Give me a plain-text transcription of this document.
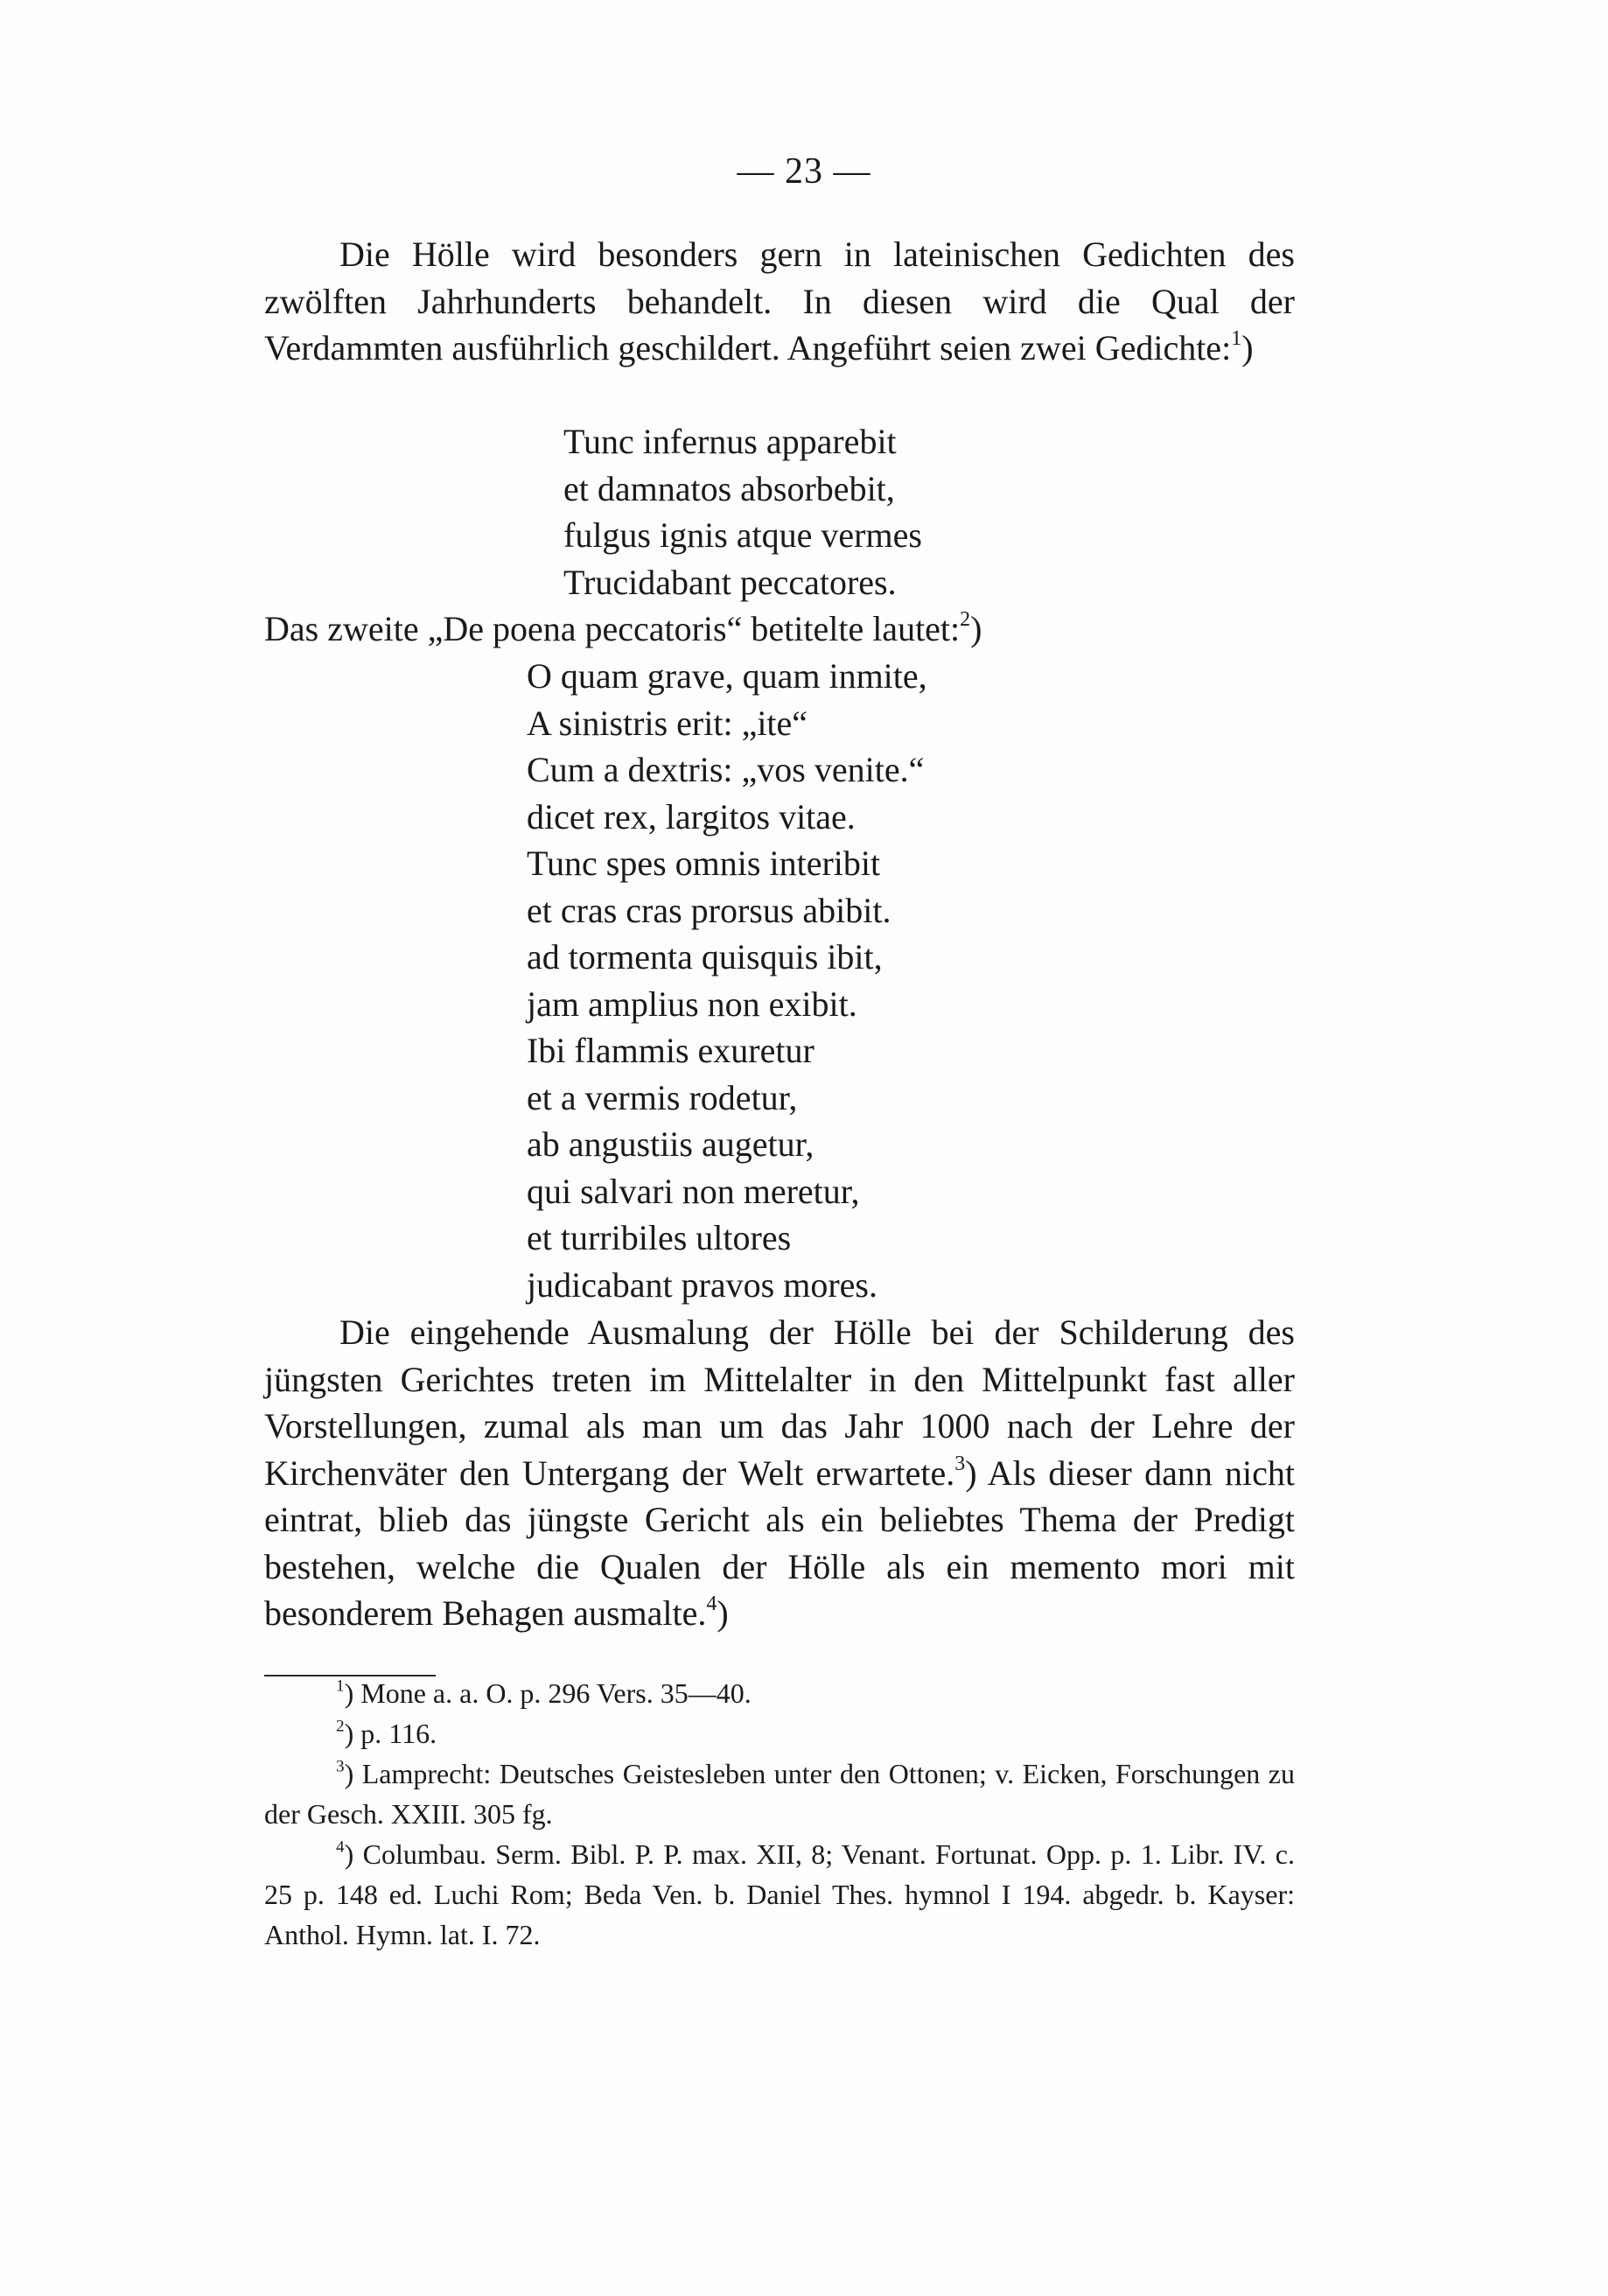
— 23 —

Die Hölle wird besonders gern in lateinischen Gedichten des zwölften Jahrhunderts behandelt. In diesen wird die Qual der Verdammten ausführlich geschildert. Angeführt seien zwei Gedichte:$^1$)

Tunc infernus apparebit
et damnatos absorbebit,
fulgus ignis atque vermes
Trucidabant peccatores.
Das zweite „De poena peccatoris“ betitelte lautet:$^2$)
O quam grave, quam inmite,
A sinistris erit: „ite“
Cum a dextris: „vos venite.“
dicet rex, largitos vitae.
Tunc spes omnis interibit
et cras cras prorsus abibit.
ad tormenta quisquis ibit,
jam amplius non exibit.
Ibi flammis exuretur
et a vermis rodetur,
ab angustiis augetur,
qui salvari non meretur,
et turribiles ultores
judicabant pravos mores.

Die eingehende Ausmalung der Hölle bei der Schilderung des jüngsten Gerichtes treten im Mittelalter in den Mittelpunkt fast aller Vorstellungen, zumal als man um das Jahr 1000 nach der Lehre der Kirchenväter den Untergang der Welt erwartete.$^3$) Als dieser dann nicht eintrat, blieb das jüngste Gericht als ein beliebtes Thema der Predigt bestehen, welche die Qualen der Hölle als ein memento mori mit besonderem Behagen ausmalte.$^4$)

$^1$) Mone a. a. O. p. 296 Vers. 35—40.

$^2$) p. 116.

$^3$) Lamprecht: Deutsches Geistesleben unter den Ottonen; v. Eicken, Forschungen zu der Gesch. XXIII. 305 fg.

$^4$) Columbau. Serm. Bibl. P. P. max. XII, 8; Venant. Fortunat. Opp. p. 1. Libr. IV. c. 25 p. 148 ed. Luchi Rom; Beda Ven. b. Daniel Thes. hymnol I 194. abgedr. b. Kayser: Anthol. Hymn. lat. I. 72.
